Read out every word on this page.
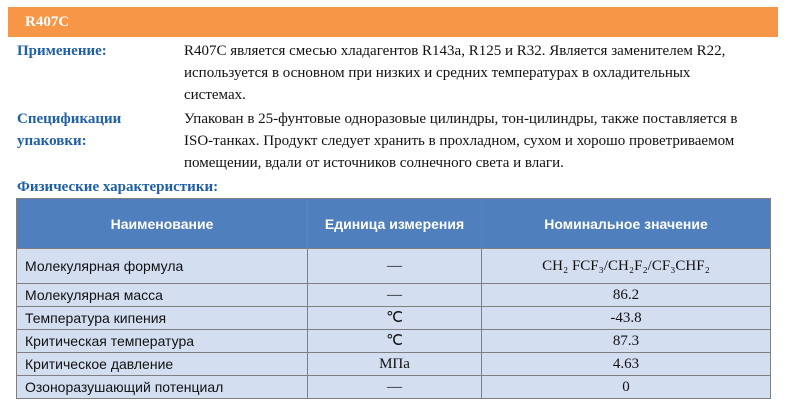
R407C
Применение:	R407C является смесью хладагентов R143a, R125 и R32. Является заменителем R22,
используется в основном при низких и средних температурах в охладительных
системах.
Спецификации
упаковки:
Упакован в 25-фунтовые одноразовые цилиндры, тон-цилиндры, также поставляется в
ISO-танках. Продукт следует хранить в прохладном, сухом и хорошо проветриваемом
помещении, вдали от источников солнечного света и влаги.
Физические характеристики:
Наименование	Единица измерения	Номинальное значение
Молекулярная формула	—	CH₂ FCF₃/CH₂F₂/CF₃CHF₂
Молекулярная масса	—	86.2
Температура кипения	℃	-43.8
Критическая температура	℃	87.3
Критическое давление	МПа	4.63
Озоноразушающий потенциал	—	0
